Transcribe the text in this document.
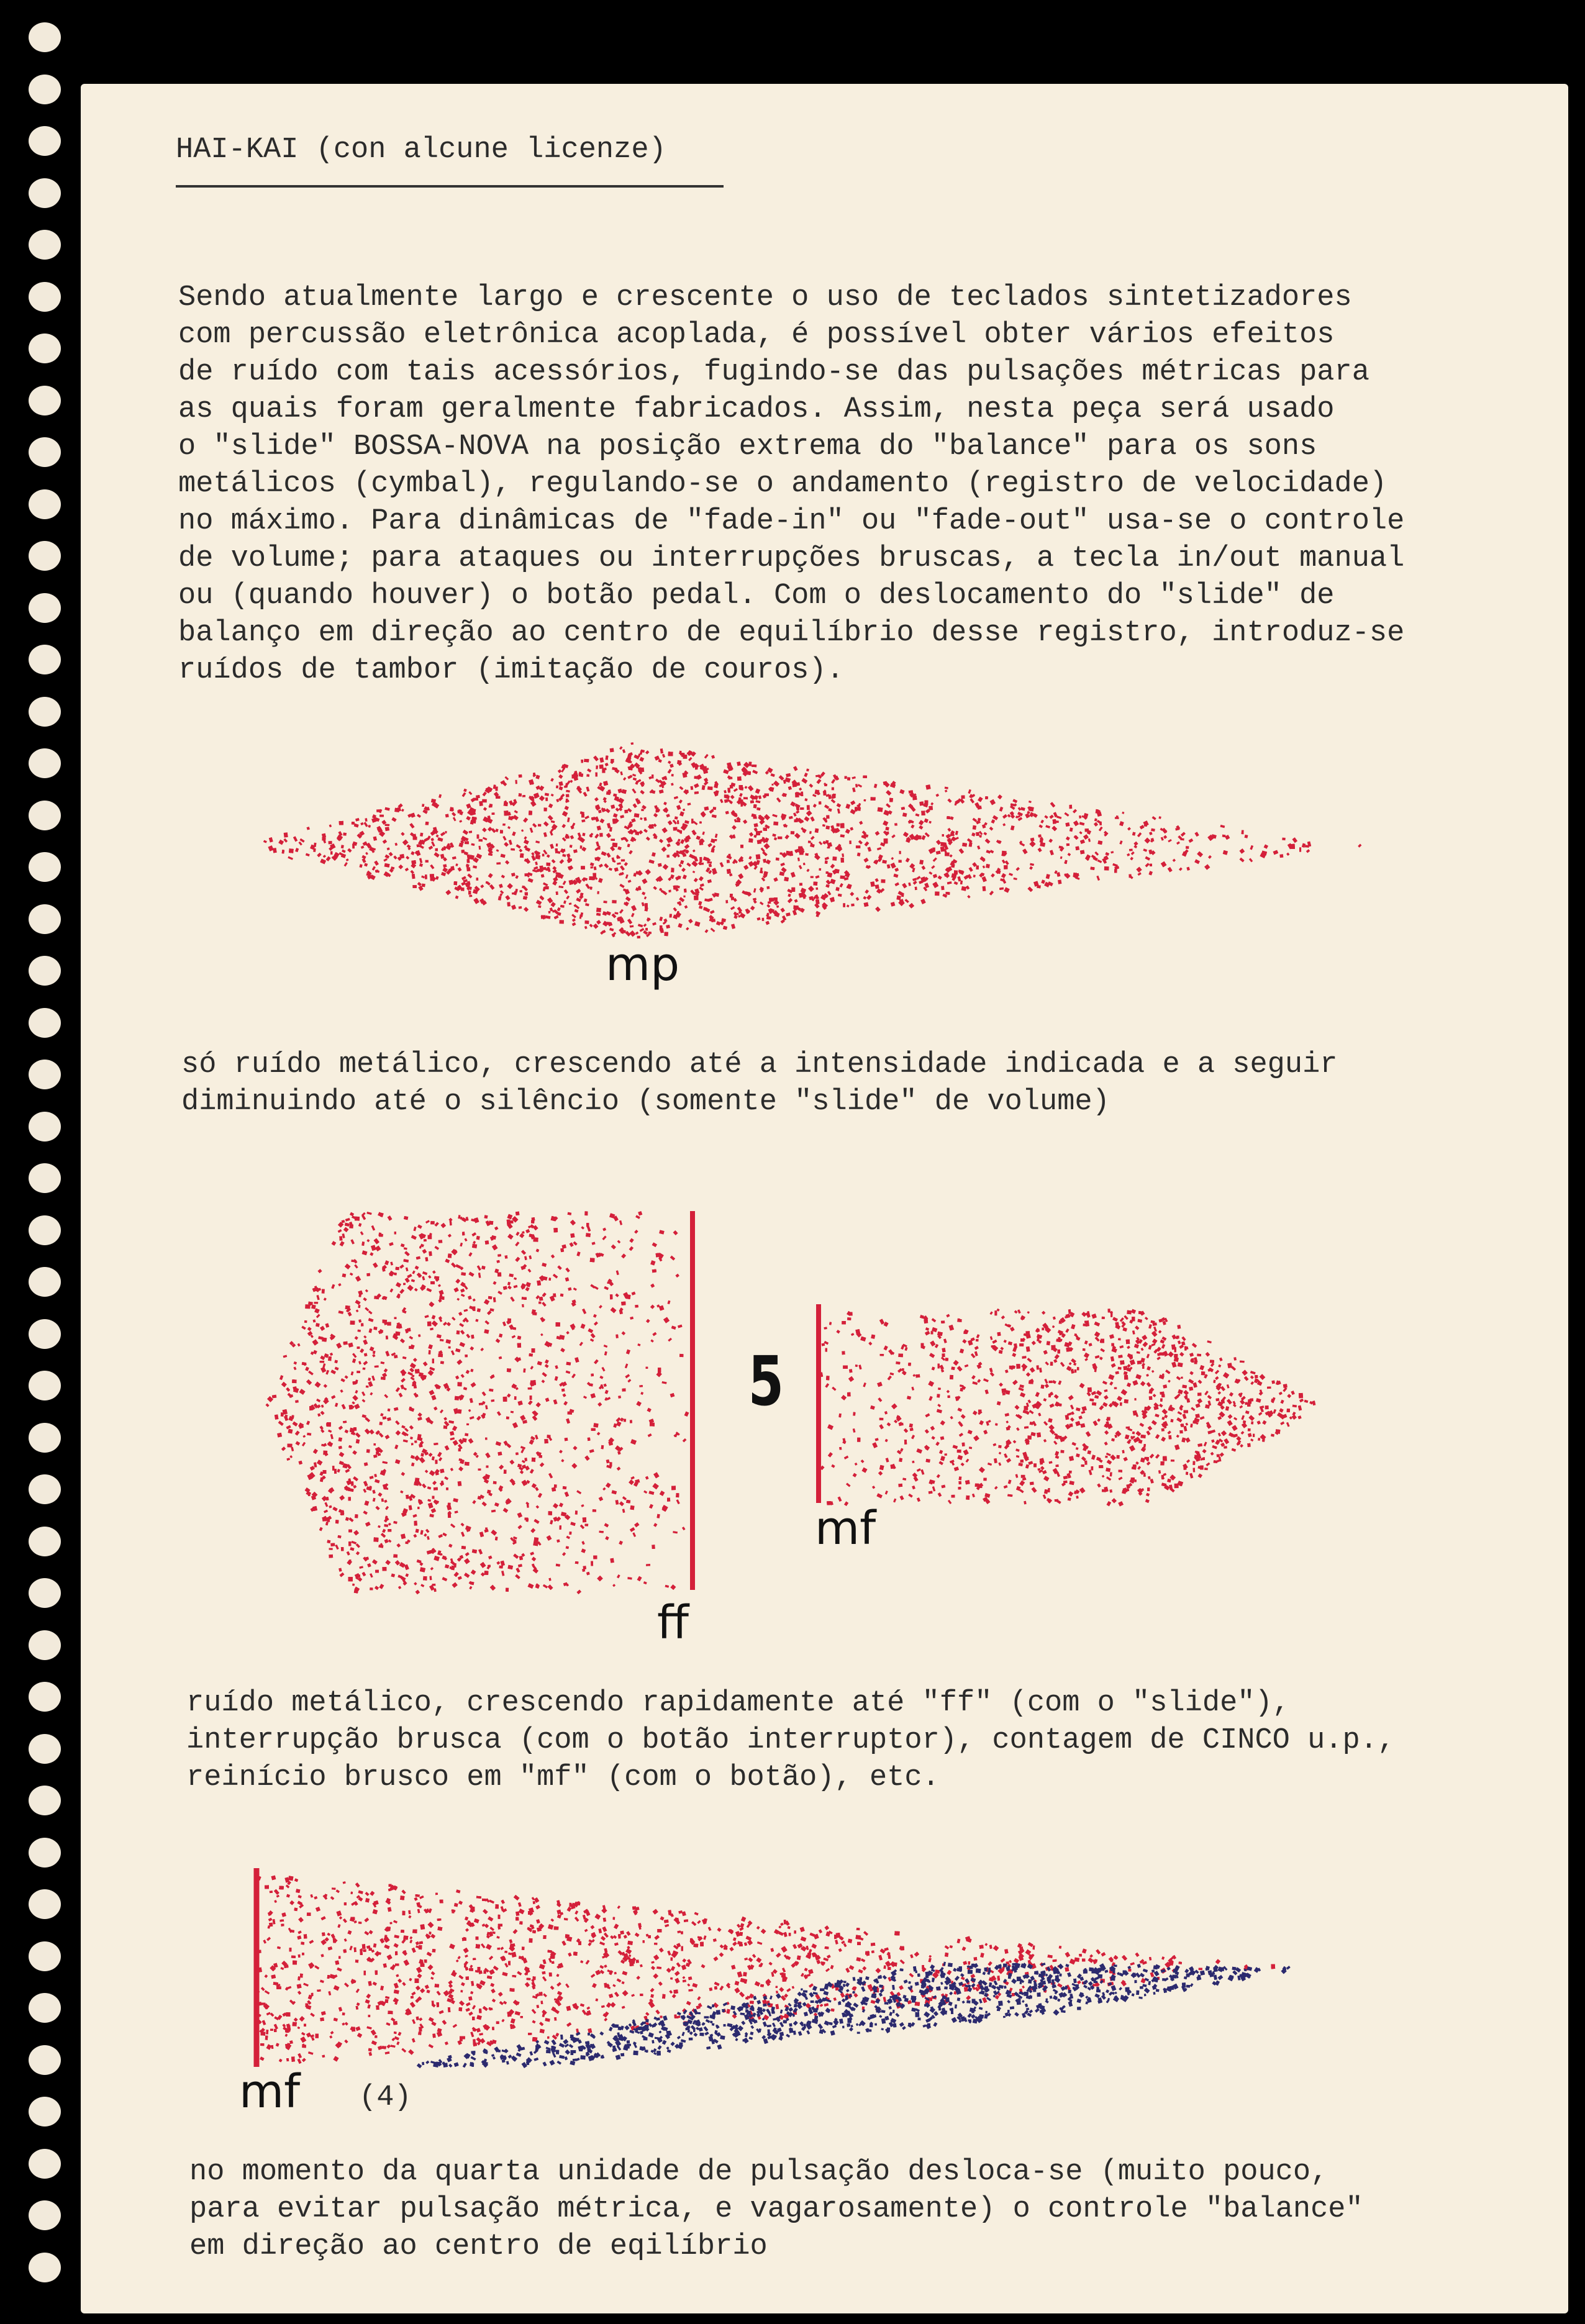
HAI-KAI (con alcune licenze)
Sendo atualmente largo e crescente o uso de teclados sintetizadores
com percussão eletrônica acoplada, é possível obter vários efeitos
de ruído com tais acessórios, fugindo-se das pulsações métricas para
as quais foram geralmente fabricados. Assim, nesta peça será usado
o "slide" BOSSA-NOVA na posição extrema do "balance" para os sons
metálicos (cymbal), regulando-se o andamento (registro de velocidade)
no máximo. Para dinâmicas de "fade-in" ou "fade-out" usa-se o controle
de volume; para ataques ou interrupções bruscas, a tecla in/out manual
ou (quando houver) o botão pedal. Com o deslocamento do "slide" de
balanço em direção ao centro de equilíbrio desse registro, introduz-se
ruídos de tambor (imitação de couros).
mp
só ruído metálico, crescendo até a intensidade indicada e a seguir
diminuindo até o silêncio (somente "slide" de volume)
ff
5
mf
ruído metálico, crescendo rapidamente até "ff" (com o "slide"),
interrupção brusca (com o botão interruptor), contagem de CINCO u.p.,
reinício brusco em "mf" (com o botão), etc.
mf (4)
no momento da quarta unidade de pulsação desloca-se (muito pouco,
para evitar pulsação métrica, e vagarosamente) o controle "balance"
em direção ao centro de eqilíbrio
